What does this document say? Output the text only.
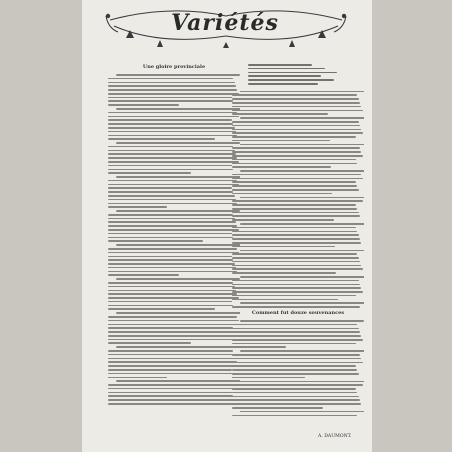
Variétés
Une gloire provinciale
Comment fut douze souvenances
A. DAUMONT.
